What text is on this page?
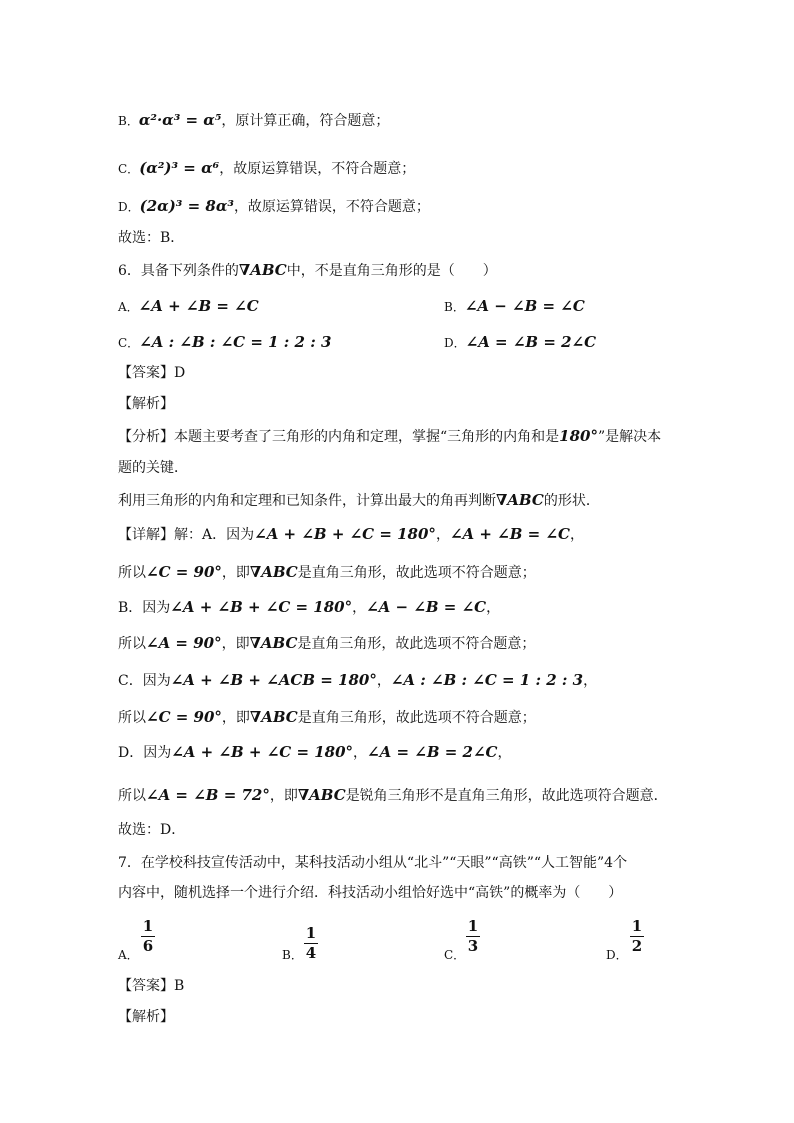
B．α²·α³ = α⁵，原计算正确，符合题意；
C．(α²)³ = α⁶，故原运算错误，不符合题意；
D．(2α)³ = 8α³，故原运算错误，不符合题意；
故选：B．
6．具备下列条件的∇ABC中，不是直角三角形的是（　　）
A．∠A + ∠B = ∠C	B．∠A − ∠B = ∠C
C．∠A : ∠B : ∠C = 1 : 2 : 3	D．∠A = ∠B = 2∠C
【答案】D
【解析】
【分析】本题主要考查了三角形的内角和定理，掌握“三角形的内角和是180°”是解决本
题的关键．
利用三角形的内角和定理和已知条件，计算出最大的角再判断∇ABC的形状．
【详解】解：A．因为∠A + ∠B + ∠C = 180°，∠A + ∠B = ∠C，
所以∠C = 90°，即∇ABC是直角三角形，故此选项不符合题意；
B．因为∠A + ∠B + ∠C = 180°，∠A − ∠B = ∠C，
所以∠A = 90°，即∇ABC是直角三角形，故此选项不符合题意；
C．因为∠A + ∠B + ∠ACB = 180°，∠A : ∠B : ∠C = 1 : 2 : 3，
所以∠C = 90°，即∇ABC是直角三角形，故此选项不符合题意；
D．因为∠A + ∠B + ∠C = 180°，∠A = ∠B = 2∠C，
所以∠A = ∠B = 72°，即∇ABC是锐角三角形不是直角三角形，故此选项符合题意．
故选：D．
7．在学校科技宣传活动中，某科技活动小组从“北斗”“天眼”“高铁”“人工智能”4个
内容中，随机选择一个进行介绍．科技活动小组恰好选中“高铁”的概率为（　　）
A．
1
6	B．
1
4	C．
1
3	D．
1
2
【答案】B
【解析】
